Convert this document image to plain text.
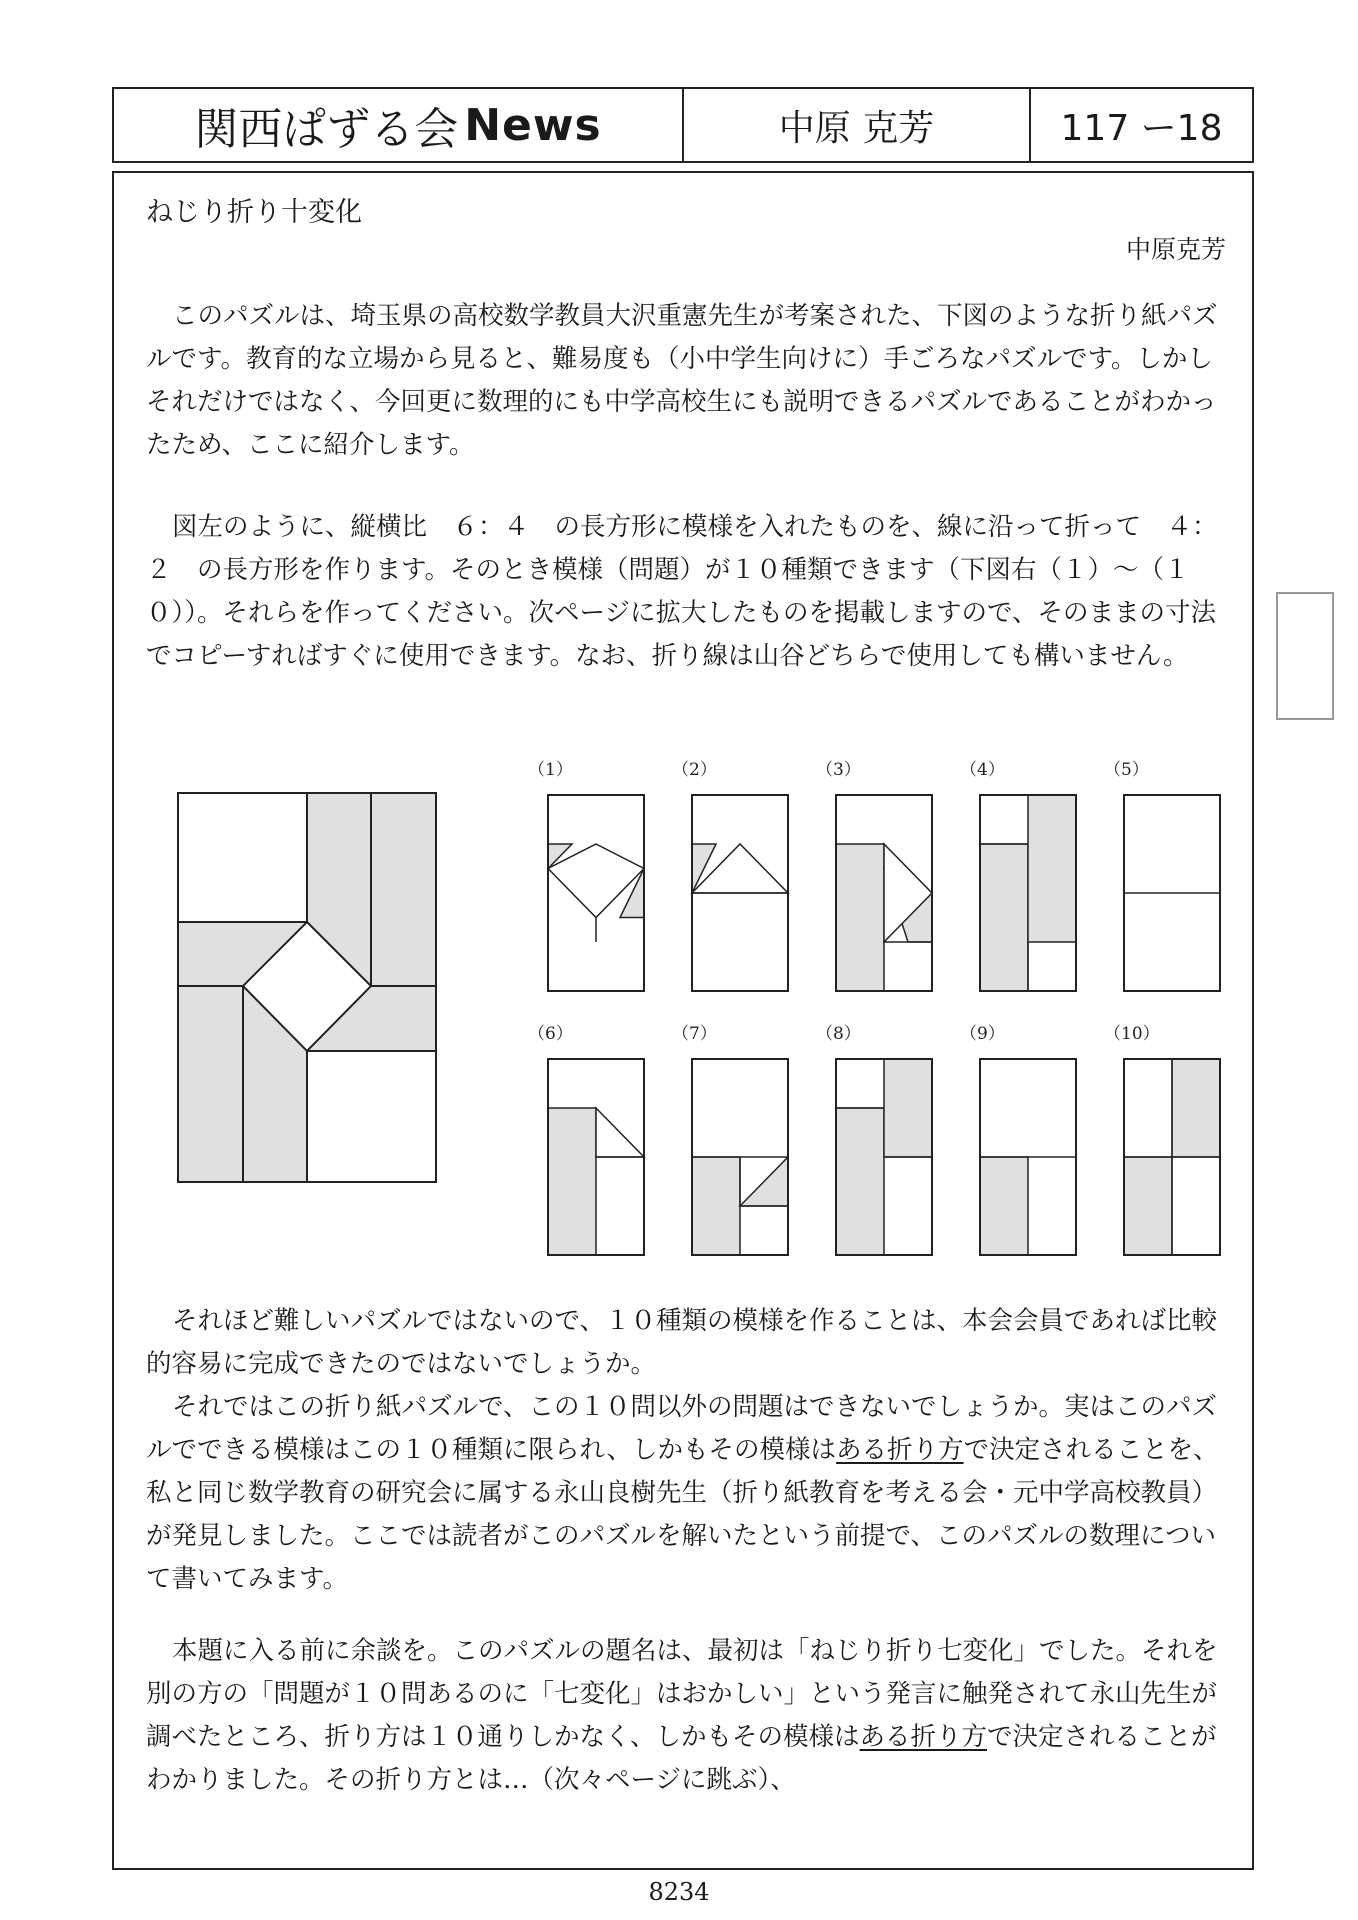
関西ぱずる会 News	中原 克芳	117 ー18
ねじり折り十変化
中原克芳

このパズルは、埼玉県の高校数学教員大沢重憲先生が考案された、下図のような折り紙パズルです。教育的な立場から見ると、難易度も（小中学生向けに）手ごろなパズルです。しかしそれだけではなく、今回更に数理的にも中学高校生にも説明できるパズルであることがわかったため、ここに紹介します。

図左のように、縦横比　６：４　の長方形に模様を入れたものを、線に沿って折って　４：２　の長方形を作ります。そのとき模様（問題）が１０種類できます（下図右（１）〜（１０））。それらを作ってください。次ページに拡大したものを掲載しますので、そのままの寸法でコピーすればすぐに使用できます。なお、折り線は山谷どちらで使用しても構いません。

（1）	（2）	（3）	（4）	（5）
（6）	（7）	（8）	（9）	（10）

それほど難しいパズルではないので、１０種類の模様を作ることは、本会会員であれば比較的容易に完成できたのではないでしょうか。

それではこの折り紙パズルで、この１０問以外の問題はできないでしょうか。実はこのパズルでできる模様はこの１０種類に限られ、しかもその模様はある折り方で決定されることを、私と同じ数学教育の研究会に属する永山良樹先生（折り紙教育を考える会・元中学高校教員）が発見しました。ここでは読者がこのパズルを解いたという前提で、このパズルの数理について書いてみます。

本題に入る前に余談を。このパズルの題名は、最初は「ねじり折り七変化」でした。それを別の方の「問題が１０問あるのに「七変化」はおかしい」という発言に触発されて永山先生が調べたところ、折り方は１０通りしかなく、しかもその模様はある折り方で決定されることがわかりました。その折り方とは…（次々ページに跳ぶ）、

8234
